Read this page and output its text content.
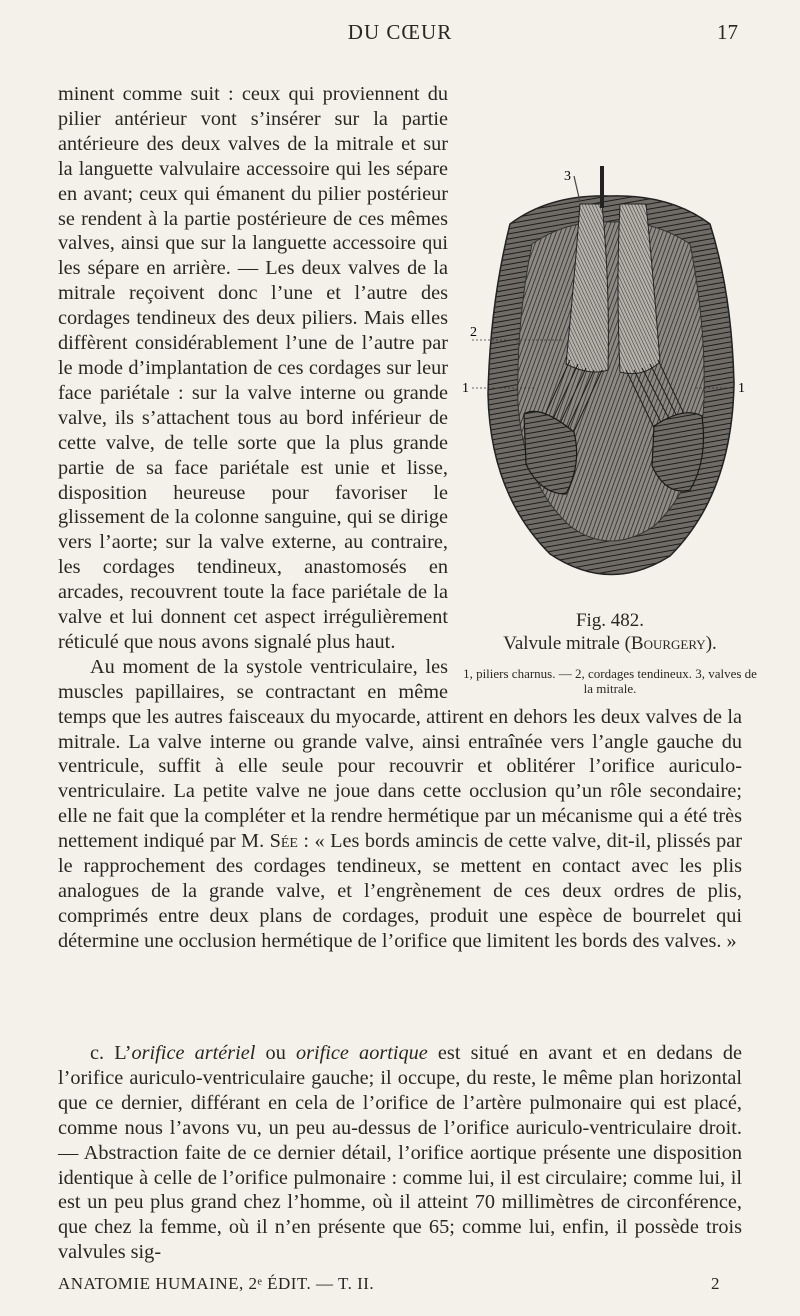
DU CŒUR	17

minent comme suit : ceux qui proviennent du pilier antérieur vont s’insérer sur la partie antérieure des deux valves de la mitrale et sur la languette valvulaire accessoire qui les sépare en avant; ceux qui émanent du pilier postérieur se rendent à la partie postérieure de ces mêmes valves, ainsi que sur la languette accessoire qui les sépare en arrière. — Les deux valves de la mitrale reçoivent donc l’une et l’autre des cordages tendineux des deux piliers. Mais elles diffèrent considérablement l’une de l’autre par le mode d’implantation de ces cordages sur leur face pariétale : sur la valve interne ou grande valve, ils s’attachent tous au bord inférieur de cette valve, de telle sorte que la plus grande partie de sa face pariétale est unie et lisse, disposition heureuse pour favoriser le glissement de la colonne sanguine, qui se dirige vers l’aorte; sur la valve externe, au contraire, les cordages tendineux, anastomosés en arcades, recouvrent toute la face pariétale de la valve et lui donnent cet aspect irrégulièrement réticulé que nous avons signalé plus haut.

Au moment de la systole ventriculaire, les muscles papillaires, se contractant en même temps que les autres faisceaux du myocarde, attirent en dehors les deux valves de la mitrale. La valve interne ou grande valve, ainsi entraînée vers l’angle gauche du ventricule, suffit à elle seule pour recouvrir et oblitérer l’orifice auriculo-ventriculaire. La petite valve ne joue dans cette occlusion qu’un rôle secondaire; elle ne fait que la compléter et la rendre hermétique par un mécanisme qui a été très nettement indiqué par M. Sée : « Les bords amincis de cette valve, dit-il, plissés par le rapprochement des cordages tendineux, se mettent en contact avec les plis analogues de la grande valve, et l’engrènement de ces deux ordres de plis, comprimés entre deux plans de cordages, produit une espèce de bourrelet qui détermine une occlusion hermétique de l’orifice que limitent les bords des valves. »

3
2
1	1
Fig. 482.
Valvule mitrale (Bourgery).
1, piliers charnus. — 2, cordages tendineux. 3, valves de la mitrale.

c. L’orifice artériel ou orifice aortique est situé en avant et en dedans de l’orifice auriculo-ventriculaire gauche; il occupe, du reste, le même plan horizontal que ce dernier, différant en cela de l’orifice de l’artère pulmonaire qui est placé, comme nous l’avons vu, un peu au-dessus de l’orifice auriculo-ventriculaire droit. — Abstraction faite de ce dernier détail, l’orifice aortique présente une disposition identique à celle de l’orifice pulmonaire : comme lui, il est circulaire; comme lui, il est un peu plus grand chez l’homme, où il atteint 70 millimètres de circonférence, que chez la femme, où il n’en présente que 65; comme lui, enfin, il possède trois valvules sig-

ANATOMIE HUMAINE, 2ᵉ ÉDIT. — T. II.	2
